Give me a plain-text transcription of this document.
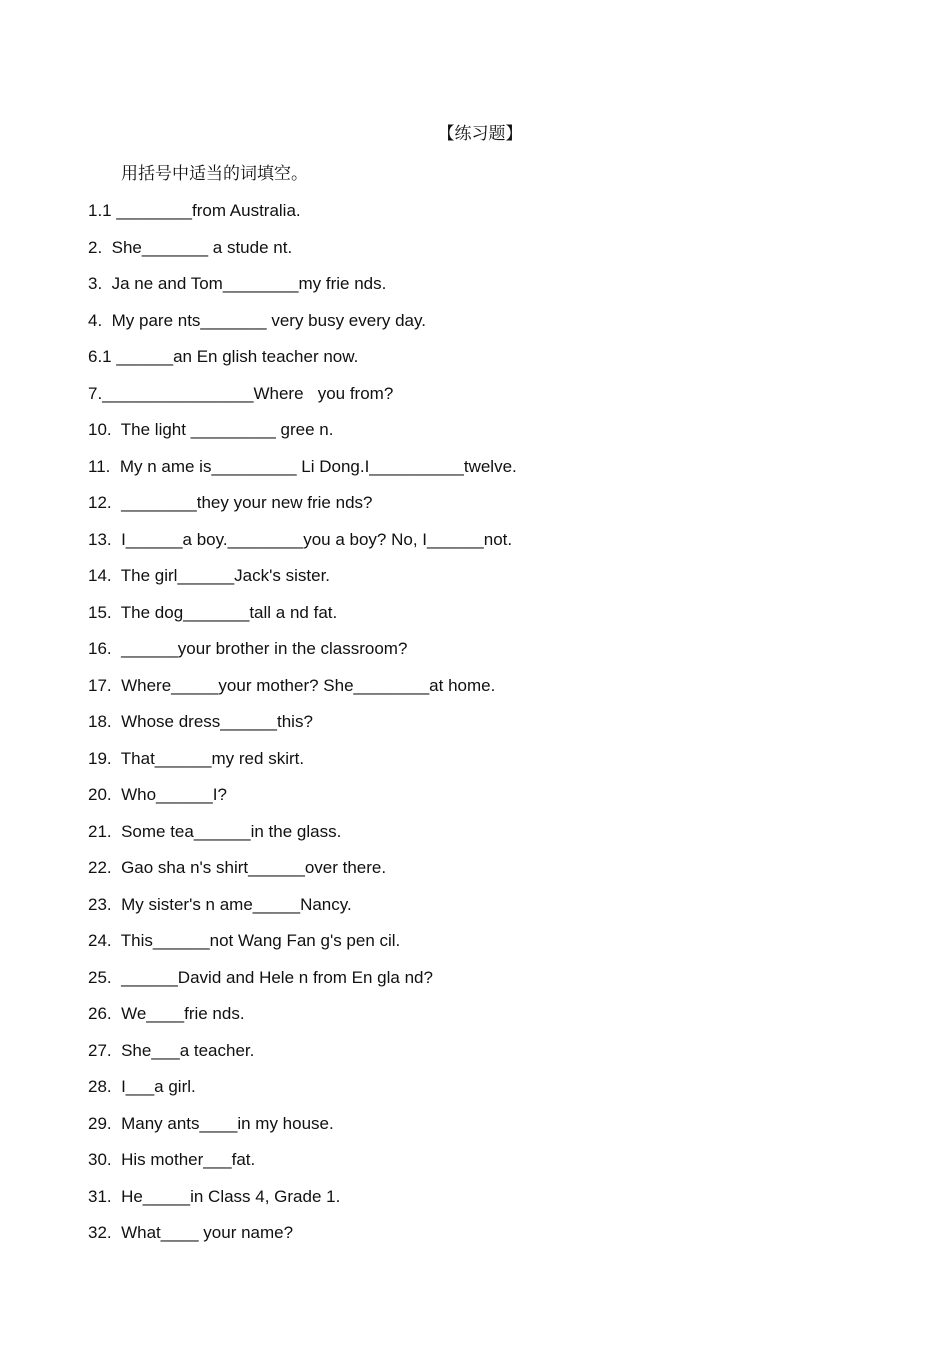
【练习题】
用括号中适当的词填空。
1.1 ________from Australia.
2.  She_______ a stude nt.
3.  Ja ne and Tom________my frie nds.
4.  My pare nts_______ very busy every day.
6.1 ______an En glish teacher now.
7.________________Where   you from?
10.  The light _________ gree n.
11.  My n ame is_________ Li Dong.I__________twelve.
12.  ________they your new frie nds?
13.  I______a boy.________you a boy? No, I______not.
14.  The girl______Jack's sister.
15.  The dog_______tall a nd fat.
16.  ______your brother in the classroom?
17.  Where_____your mother? She________at home.
18.  Whose dress______this?
19.  That______my red skirt.
20.  Who______I?
21.  Some tea______in the glass.
22.  Gao sha n's shirt______over there.
23.  My sister's n ame_____Nancy.
24.  This______not Wang Fan g's pen cil.
25.  ______David and Hele n from En gla nd?
26.  We____frie nds.
27.  She___a teacher.
28.  I___a girl.
29.  Many ants____in my house.
30.  His mother___fat.
31.  He_____in Class 4, Grade 1.
32.  What____ your name?
